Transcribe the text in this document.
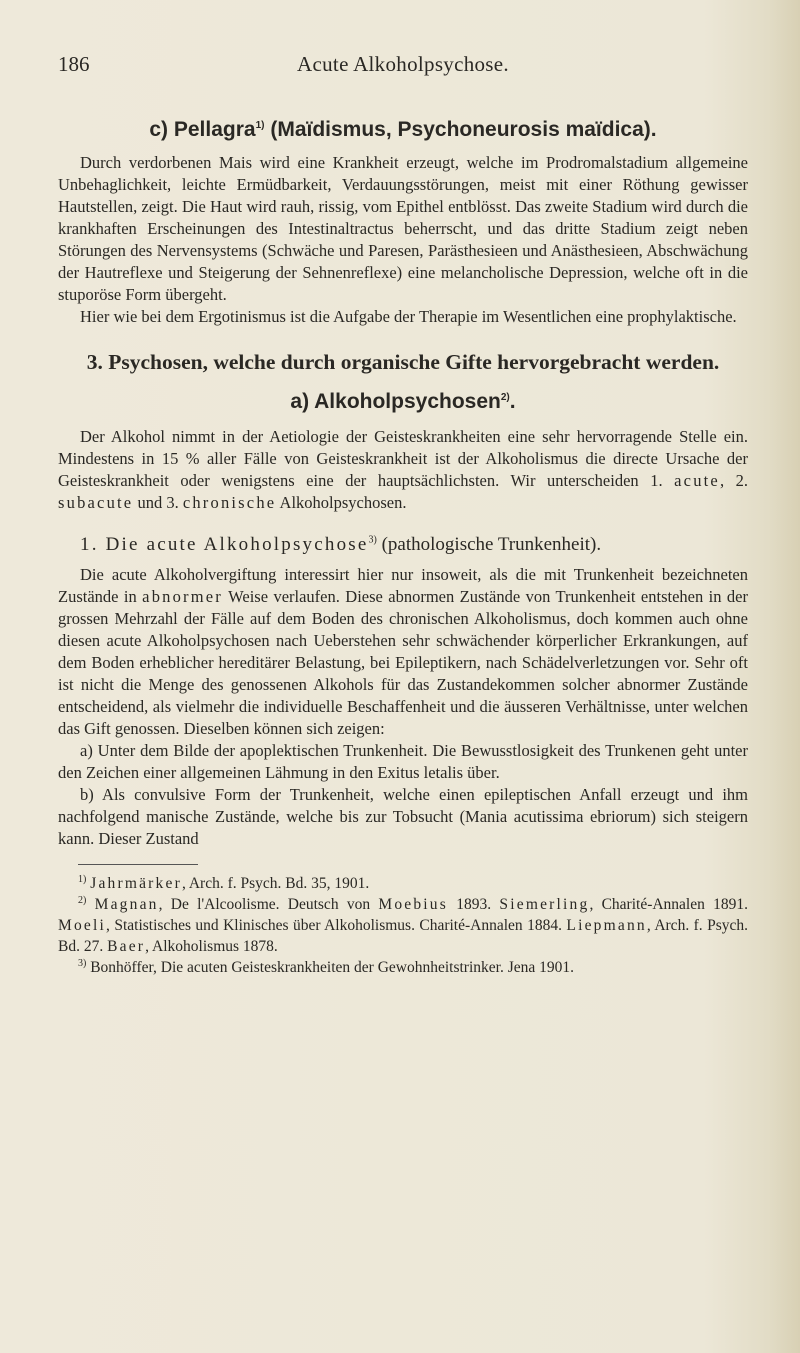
186	Acute Alkoholpsychose.
c) Pellagra$^{1)}$ (Maïdismus, Psychoneurosis maïdica).

Durch verdorbenen Mais wird eine Krankheit erzeugt, welche im Prodromalstadium allgemeine Unbehaglichkeit, leichte Ermüdbarkeit, Verdauungsstörungen, meist mit einer Röthung gewisser Hautstellen, zeigt. Die Haut wird rauh, rissig, vom Epithel entblösst. Das zweite Stadium wird durch die krankhaften Erscheinungen des Intestinaltractus beherrscht, und das dritte Stadium zeigt neben Störungen des Nervensystems (Schwäche und Paresen, Parästhesieen und Anästhesieen, Abschwächung der Hautreflexe und Steigerung der Sehnenreflexe) eine melancholische Depression, welche oft in die stuporöse Form übergeht.

Hier wie bei dem Ergotinismus ist die Aufgabe der Therapie im Wesentlichen eine prophylaktische.

3. Psychosen, welche durch organische Gifte hervorgebracht werden.
a) Alkoholpsychosen$^{2)}$.

Der Alkohol nimmt in der Aetiologie der Geisteskrankheiten eine sehr hervorragende Stelle ein. Mindestens in 15 % aller Fälle von Geisteskrankheit ist der Alkoholismus die directe Ursache der Geisteskrankheit oder wenigstens eine der hauptsächlichsten. Wir unterscheiden 1. acute, 2. subacute und 3. chronische Alkoholpsychosen.

1. Die acute Alkoholpsychose$^{3)}$ (pathologische Trunkenheit).

Die acute Alkoholvergiftung interessirt hier nur insoweit, als die mit Trunkenheit bezeichneten Zustände in abnormer Weise verlaufen. Diese abnormen Zustände von Trunkenheit entstehen in der grossen Mehrzahl der Fälle auf dem Boden des chronischen Alkoholismus, doch kommen auch ohne diesen acute Alkoholpsychosen nach Ueberstehen sehr schwächender körperlicher Erkrankungen, auf dem Boden erheblicher hereditärer Belastung, bei Epileptikern, nach Schädelverletzungen vor. Sehr oft ist nicht die Menge des genossenen Alkohols für das Zustandekommen solcher abnormer Zustände entscheidend, als vielmehr die individuelle Beschaffenheit und die äusseren Verhältnisse, unter welchen das Gift genossen. Dieselben können sich zeigen:

a) Unter dem Bilde der apoplektischen Trunkenheit. Die Bewusstlosigkeit des Trunkenen geht unter den Zeichen einer allgemeinen Lähmung in den Exitus letalis über.

b) Als convulsive Form der Trunkenheit, welche einen epileptischen Anfall erzeugt und ihm nachfolgend manische Zustände, welche bis zur Tobsucht (Mania acutissima ebriorum) sich steigern kann. Dieser Zustand

$^{1)}$ Jahrmärker, Arch. f. Psych. Bd. 35, 1901.

$^{2)}$ Magnan, De l'Alcoolisme. Deutsch von Moebius 1893. Siemerling, Charité-Annalen 1891. Moeli, Statistisches und Klinisches über Alkoholismus. Charité-Annalen 1884. Liepmann, Arch. f. Psych. Bd. 27. Baer, Alkoholismus 1878.

$^{3)}$ Bonhöffer, Die acuten Geisteskrankheiten der Gewohnheitstrinker. Jena 1901.
